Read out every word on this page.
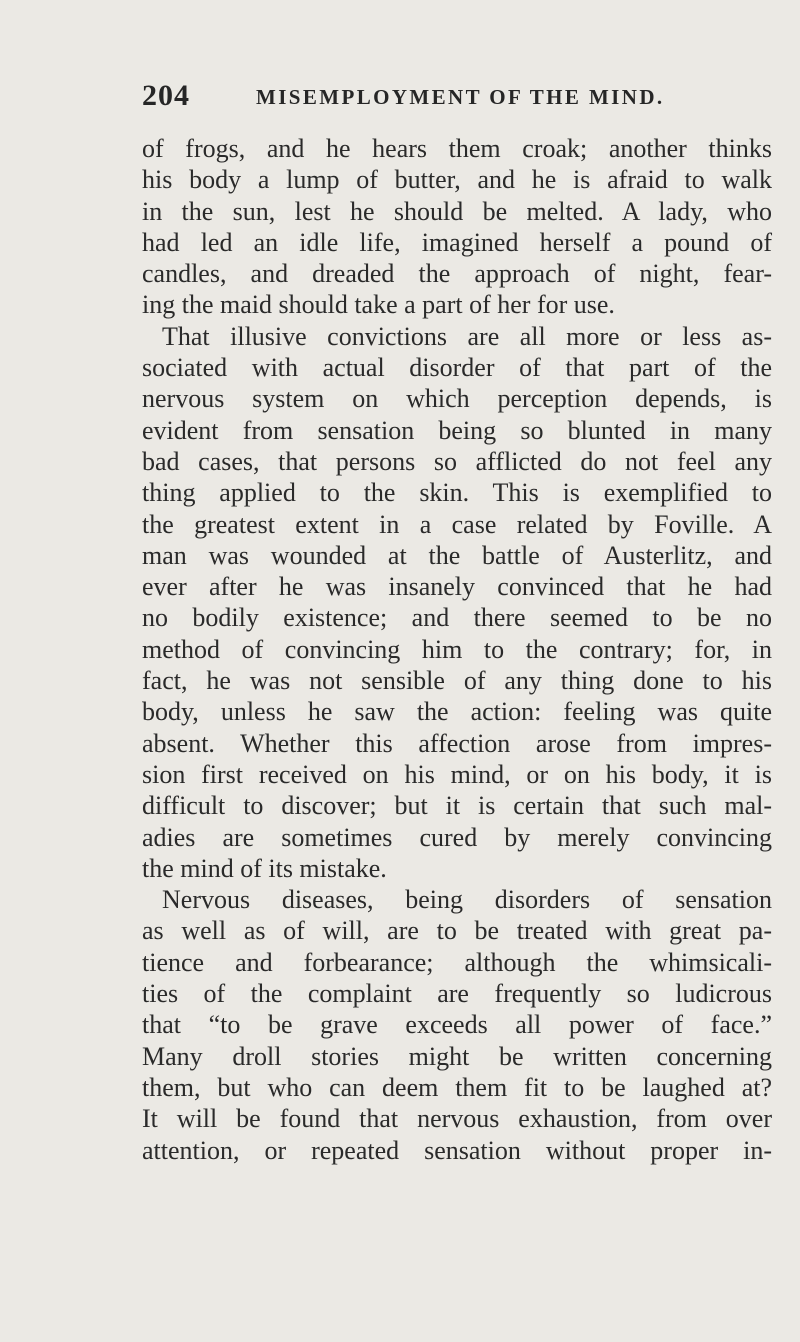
204	MISEMPLOYMENT OF THE MIND.
of frogs, and he hears them croak; another thinks
his body a lump of butter, and he is afraid to walk
in the sun, lest he should be melted. A lady, who
had led an idle life, imagined herself a pound of
candles, and dreaded the approach of night, fear-
ing the maid should take a part of her for use.
That illusive convictions are all more or less as-
sociated with actual disorder of that part of the
nervous system on which perception depends, is
evident from sensation being so blunted in many
bad cases, that persons so afflicted do not feel any
thing applied to the skin. This is exemplified to
the greatest extent in a case related by Foville. A
man was wounded at the battle of Austerlitz, and
ever after he was insanely convinced that he had
no bodily existence; and there seemed to be no
method of convincing him to the contrary; for, in
fact, he was not sensible of any thing done to his
body, unless he saw the action: feeling was quite
absent. Whether this affection arose from impres-
sion first received on his mind, or on his body, it is
difficult to discover; but it is certain that such mal-
adies are sometimes cured by merely convincing
the mind of its mistake.
Nervous diseases, being disorders of sensation
as well as of will, are to be treated with great pa-
tience and forbearance; although the whimsicali-
ties of the complaint are frequently so ludicrous
that “to be grave exceeds all power of face.”
Many droll stories might be written concerning
them, but who can deem them fit to be laughed at?
It will be found that nervous exhaustion, from over
attention, or repeated sensation without proper in-
